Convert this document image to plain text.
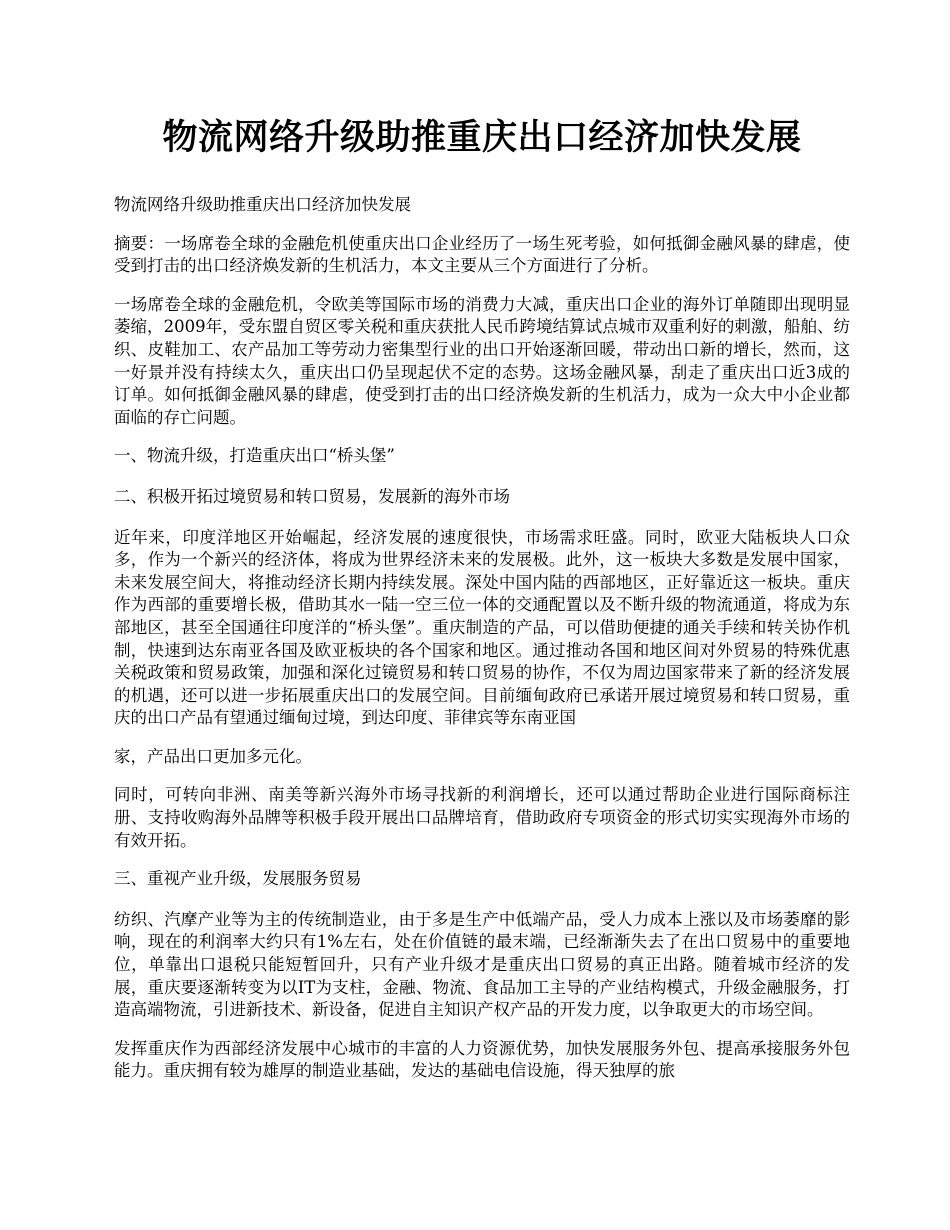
物流网络升级助推重庆出口经济加快发展

物流网络升级助推重庆出口经济加快发展

摘要：一场席卷全球的金融危机使重庆出口企业经历了一场生死考验，如何抵御金融风暴的肆虐，使受到打击的出口经济焕发新的生机活力，本文主要从三个方面进行了分析。

一场席卷全球的金融危机，令欧美等国际市场的消费力大减，重庆出口企业的海外订单随即出现明显萎缩，2009年，受东盟自贸区零关税和重庆获批人民币跨境结算试点城市双重利好的刺激，船舶、纺织、皮鞋加工、农产品加工等劳动力密集型行业的出口开始逐渐回暖，带动出口新的增长，然而，这一好景并没有持续太久，重庆出口仍呈现起伏不定的态势。这场金融风暴，刮走了重庆出口近3成的订单。如何抵御金融风暴的肆虐，使受到打击的出口经济焕发新的生机活力，成为一众大中小企业都面临的存亡问题。

一、物流升级，打造重庆出口“桥头堡”

二、积极开拓过境贸易和转口贸易，发展新的海外市场

近年来，印度洋地区开始崛起，经济发展的速度很快，市场需求旺盛。同时，欧亚大陆板块人口众多，作为一个新兴的经济体，将成为世界经济未来的发展极。此外，这一板块大多数是发展中国家，未来发展空间大，将推动经济长期内持续发展。深处中国内陆的西部地区，正好靠近这一板块。重庆作为西部的重要增长极，借助其水一陆一空三位一体的交通配置以及不断升级的物流通道，将成为东部地区，甚至全国通往印度洋的“桥头堡”。重庆制造的产品，可以借助便捷的通关手续和转关协作机制，快速到达东南亚各国及欧亚板块的各个国家和地区。通过推动各国和地区间对外贸易的特殊优惠关税政策和贸易政策，加强和深化过镜贸易和转口贸易的协作，不仅为周边国家带来了新的经济发展的机遇，还可以进一步拓展重庆出口的发展空间。目前缅甸政府已承诺开展过境贸易和转口贸易，重庆的出口产品有望通过缅甸过境，到达印度、菲律宾等东南亚国

家，产品出口更加多元化。

同时，可转向非洲、南美等新兴海外市场寻找新的利润增长，还可以通过帮助企业进行国际商标注册、支持收购海外品牌等积极手段开展出口品牌培育，借助政府专项资金的形式切实实现海外市场的有效开拓。

三、重视产业升级，发展服务贸易

纺织、汽摩产业等为主的传统制造业，由于多是生产中低端产品，受人力成本上涨以及市场萎靡的影响，现在的利润率大约只有1%左右，处在价值链的最末端，已经渐渐失去了在出口贸易中的重要地位，单靠出口退税只能短暂回升，只有产业升级才是重庆出口贸易的真正出路。随着城市经济的发展，重庆要逐渐转变为以IT为支柱，金融、物流、食品加工主导的产业结构模式，升级金融服务，打造高端物流，引进新技术、新设备，促进自主知识产权产品的开发力度，以争取更大的市场空间。

发挥重庆作为西部经济发展中心城市的丰富的人力资源优势，加快发展服务外包、提高承接服务外包能力。重庆拥有较为雄厚的制造业基础，发达的基础电信设施，得天独厚的旅
